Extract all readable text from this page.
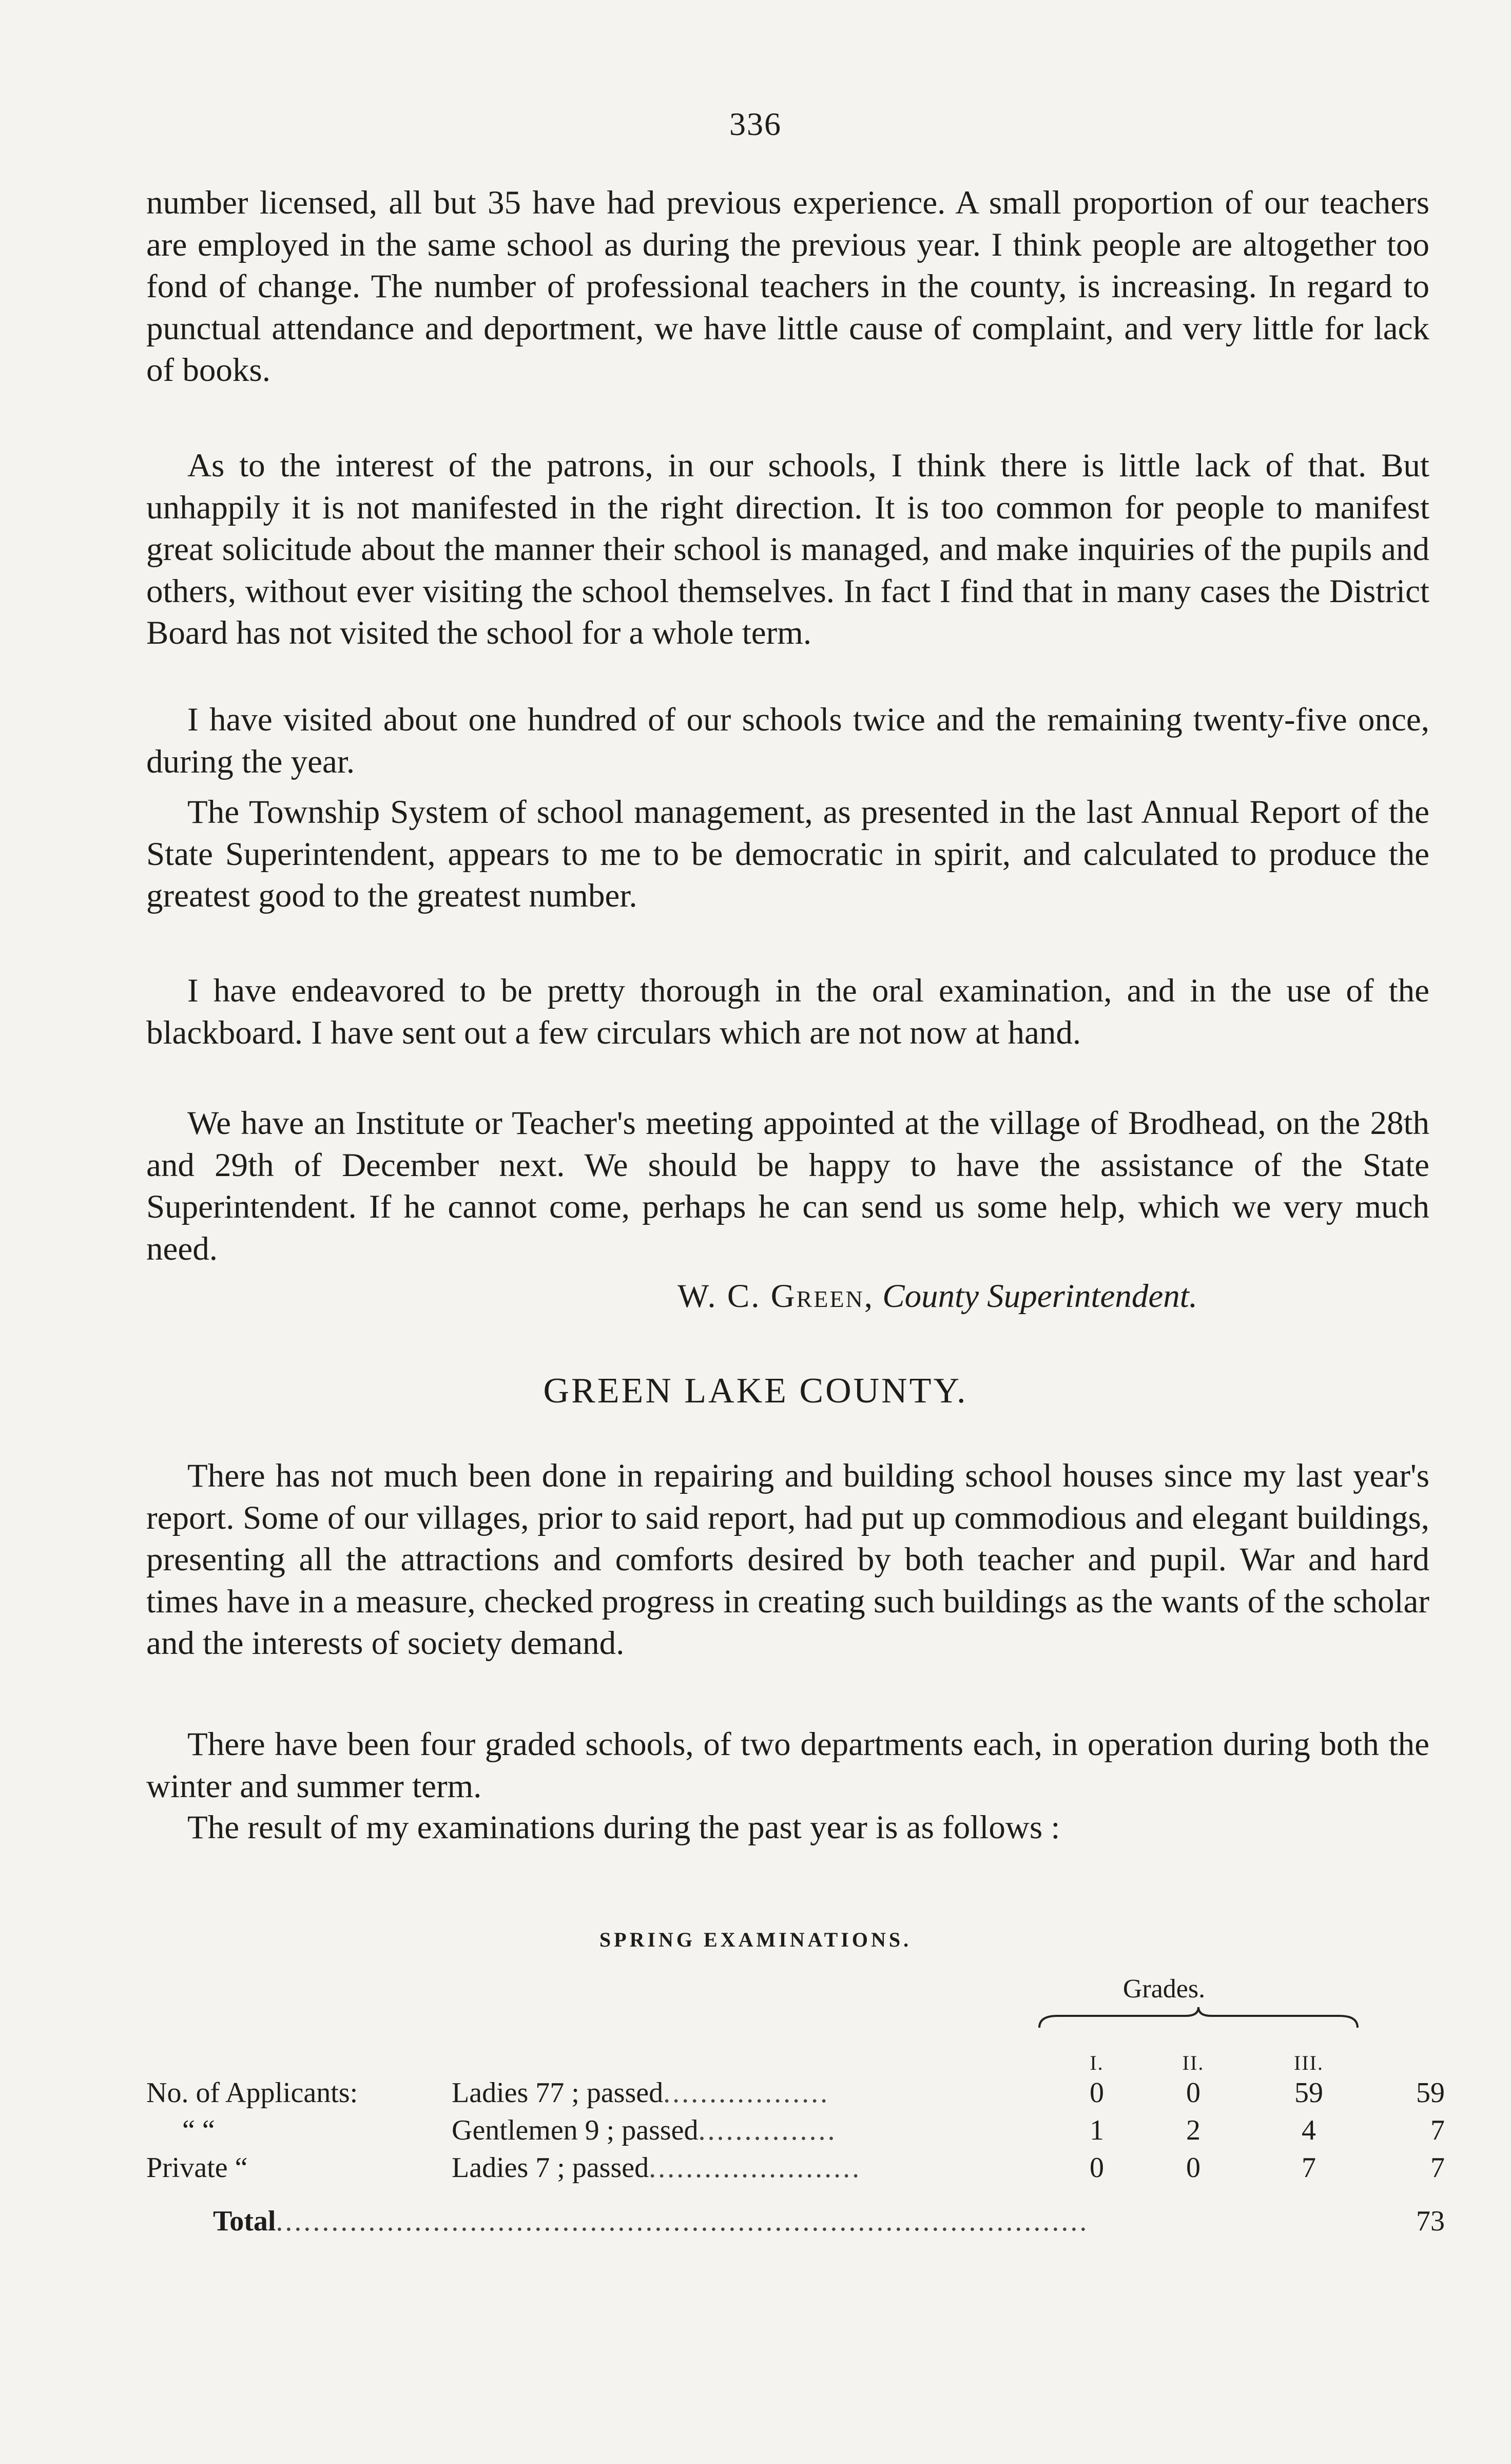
336

number licensed, all but 35 have had previous experience. A small proportion of our teachers are employed in the same school as during the previous year. I think people are altogether too fond of change. The number of professional teachers in the county, is increasing. In regard to punctual attendance and deportment, we have little cause of complaint, and very little for lack of books.

As to the interest of the patrons, in our schools, I think there is little lack of that. But unhappily it is not manifested in the right direction. It is too common for people to manifest great solicitude about the manner their school is managed, and make inquiries of the pupils and others, without ever visiting the school themselves. In fact I find that in many cases the District Board has not visited the school for a whole term.

I have visited about one hundred of our schools twice and the remaining twenty-five once, during the year.

The Township System of school management, as presented in the last Annual Report of the State Superintendent, appears to me to be democratic in spirit, and calculated to produce the greatest good to the greatest number.

I have endeavored to be pretty thorough in the oral examination, and in the use of the blackboard. I have sent out a few circulars which are not now at hand.

We have an Institute or Teacher's meeting appointed at the village of Brodhead, on the 28th and 29th of December next. We should be happy to have the assistance of the State Superintendent. If he cannot come, perhaps he can send us some help, which we very much need.

W. C. Green, County Superintendent.
GREEN LAKE COUNTY.

There has not much been done in repairing and building school houses since my last year's report. Some of our villages, prior to said report, had put up commodious and elegant buildings, presenting all the attractions and comforts desired by both teacher and pupil. War and hard times have in a measure, checked progress in creating such buildings as the wants of the scholar and the interests of society demand.

There have been four graded schools, of two departments each, in operation during both the winter and summer term.

The result of my examinations during the past year is as follows :

SPRING EXAMINATIONS.
Grades.
I.	II.	III.
No. of Applicants:	Ladies 77 ; passed..................	0	0	59	59
“ “	Gentlemen 9 ; passed...............	1	2	4	7
Private “	Ladies 7 ; passed.......................	0	0	7	7
Total........................................................................................	73
